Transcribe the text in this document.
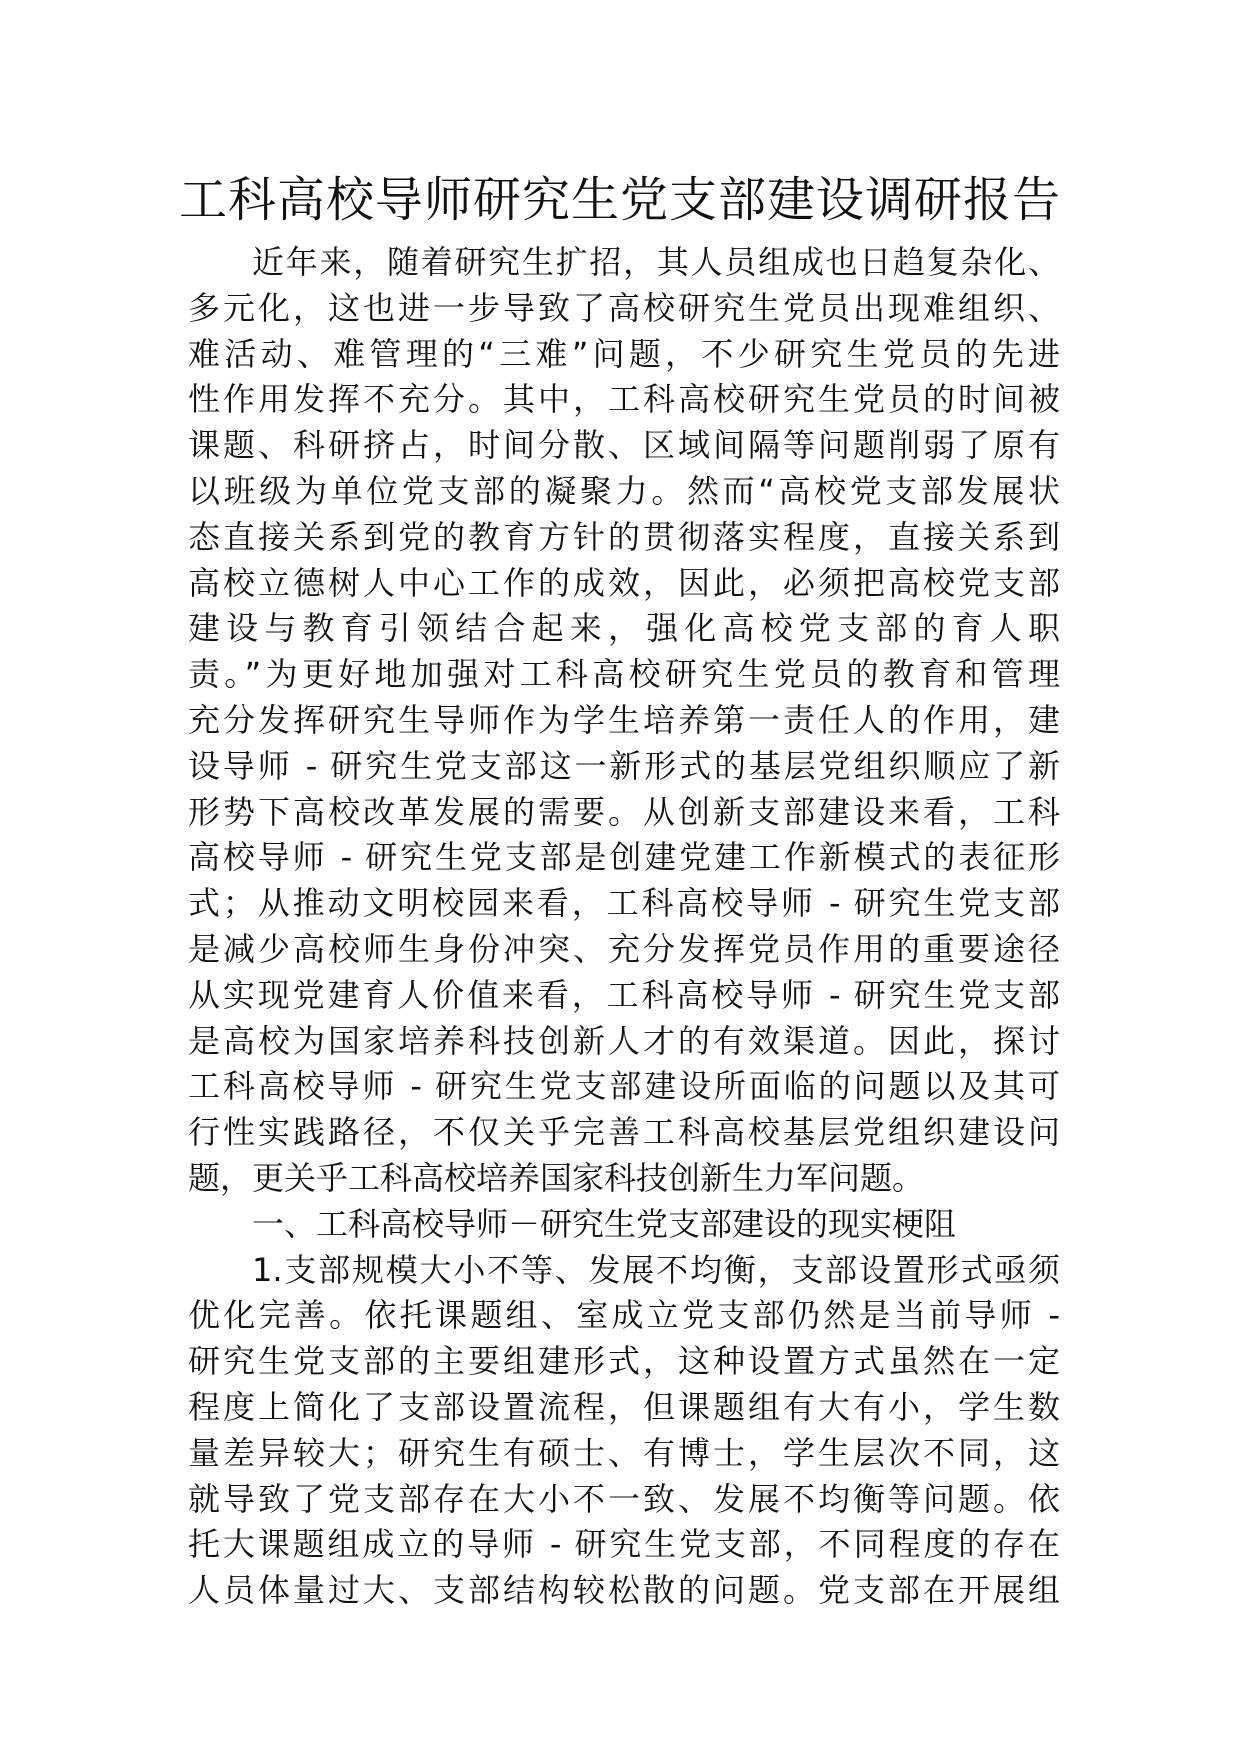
工科高校导师研究生党支部建设调研报告
近年来，随着研究生扩招，其人员组成也日趋复杂化、
多元化，这也进一步导致了高校研究生党员出现难组织、
难活动、难管理的“三难”问题，不少研究生党员的先进
性作用发挥不充分。其中，工科高校研究生党员的时间被
课题、科研挤占，时间分散、区域间隔等问题削弱了原有
以班级为单位党支部的凝聚力。然而“高校党支部发展状
态直接关系到党的教育方针的贯彻落实程度，直接关系到
高校立德树人中心工作的成效，因此，必须把高校党支部
建设与教育引领结合起来，强化高校党支部的育人职
责。”为更好地加强对工科高校研究生党员的教育和管理
充分发挥研究生导师作为学生培养第一责任人的作用，建
设导师 - 研究生党支部这一新形式的基层党组织顺应了新
形势下高校改革发展的需要。从创新支部建设来看，工科
高校导师 - 研究生党支部是创建党建工作新模式的表征形
式；从推动文明校园来看，工科高校导师 - 研究生党支部
是减少高校师生身份冲突、充分发挥党员作用的重要途径
从实现党建育人价值来看，工科高校导师 - 研究生党支部
是高校为国家培养科技创新人才的有效渠道。因此，探讨
工科高校导师 - 研究生党支部建设所面临的问题以及其可
行性实践路径，不仅关乎完善工科高校基层党组织建设问
题，更关乎工科高校培养国家科技创新生力军问题。
一、工科高校导师－研究生党支部建设的现实梗阻
1.支部规模大小不等、发展不均衡，支部设置形式亟须
优化完善。依托课题组、室成立党支部仍然是当前导师 -
研究生党支部的主要组建形式，这种设置方式虽然在一定
程度上简化了支部设置流程，但课题组有大有小，学生数
量差异较大；研究生有硕士、有博士，学生层次不同，这
就导致了党支部存在大小不一致、发展不均衡等问题。依
托大课题组成立的导师 - 研究生党支部，不同程度的存在
人员体量过大、支部结构较松散的问题。党支部在开展组
